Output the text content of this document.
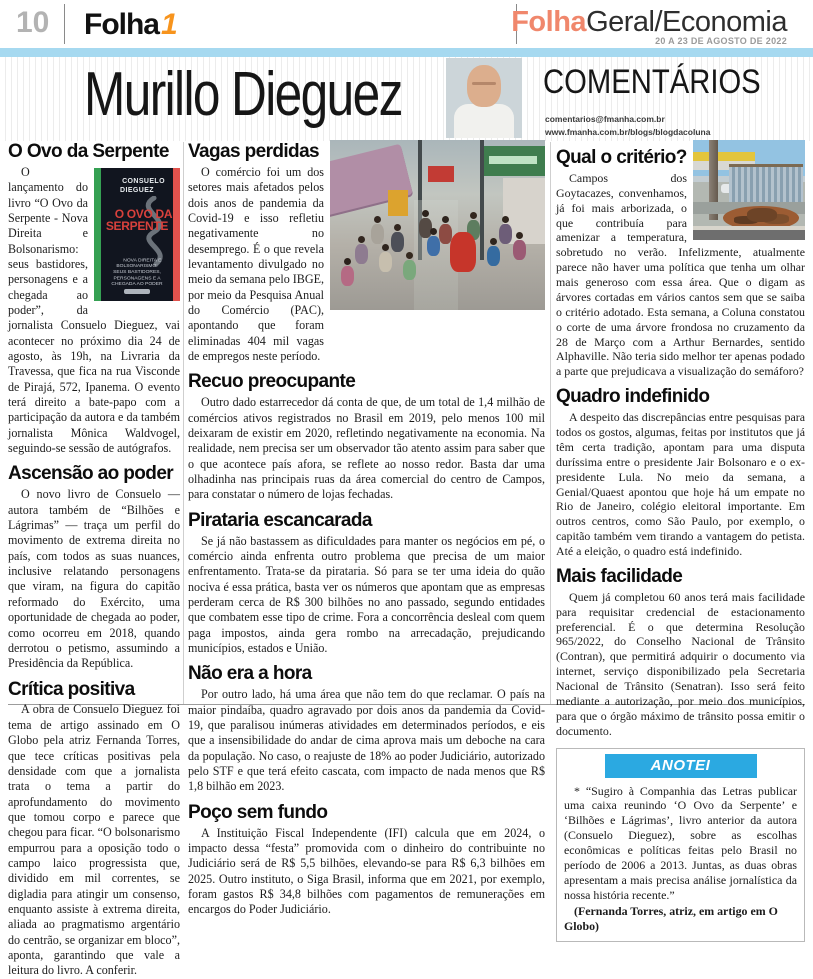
10 Folha1	FolhaGeral/Economia
20 A 23 DE AGOSTO DE 2022
Murillo Dieguez	COMENTÁRIOS
comentarios@fmanha.com.br
www.fmanha.com.br/blogs/blogdacoluna
O Ovo da Serpente

CONSUELO DIEGUEZ
O OVO DA SERPENTE
NOVA DIREITA E BOLSONARISMO: SEUS BASTIDORES, PERSONAGENS E A CHEGADA AO PODER
O lançamento do livro “O Ovo da Serpente - Nova Direita e Bolsonarismo: seus bastidores, personagens e a chegada ao poder”, da jornalista Consuelo Dieguez, vai acontecer no próximo dia 24 de agosto, às 19h, na Livraria da Travessa, que fica na rua Visconde de Pirajá, 572, Ipanema. O evento terá direito a bate-papo com a participação da autora e da também jornalista Mônica Waldvogel, seguindo-se sessão de autógrafos.

Ascensão ao poder

O novo livro de Consuelo — autora também de “Bilhões e Lágrimas” — traça um perfil do movimento de extrema direita no país, com todos as suas nuances, inclusive relatando personagens que viram, na figura do capitão reformado do Exército, uma oportunidade de chegada ao poder, como ocorreu em 2018, quando derrotou o petismo, assumindo a Presidência da República.

Crítica positiva

A obra de Consuelo Dieguez foi tema de artigo assinado em O Globo pela atriz Fernanda Torres, que tece críticas positivas pela densidade com que a jornalista trata o tema a partir do aprofundamento do movimento que tomou corpo e parece que chegou para ficar. “O bolsonarismo empurrou para a oposição todo o campo laico progressista que, dividido em mil correntes, se digladia para atingir um consenso, enquanto assiste à extrema direita, aliada ao pragmatismo argentário do centrão, se organizar em bloco”, aponta, garantindo que vale a leitura do livro. A conferir.

Vagas perdidas

O comércio foi um dos setores mais afetados pelos dois anos de pandemia da Covid-19 e isso refletiu negativamente no desemprego. É o que revela levantamento divulgado no meio da semana pelo IBGE, por meio da Pesquisa Anual do Comércio (PAC), apontando que foram eliminadas 404 mil vagas de empregos neste período.

Recuo preocupante

Outro dado estarrecedor dá conta de que, de um total de 1,4 milhão de comércios ativos registrados no Brasil em 2019, pelo menos 100 mil deixaram de existir em 2020, refletindo negativamente na economia. Na realidade, nem precisa ser um observador tão atento assim para saber que o que acontece país afora, se reflete ao nosso redor. Basta dar uma olhadinha nas principais ruas da área comercial do centro de Campos, para constatar o número de lojas fechadas.

Pirataria escancarada

Se já não bastassem as dificuldades para manter os negócios em pé, o comércio ainda enfrenta outro problema que precisa de um maior enfrentamento. Trata-se da pirataria. Só para se ter uma ideia do quão nociva é essa prática, basta ver os números que apontam que as empresas perderam cerca de R$ 300 bilhões no ano passado, segundo entidades que combatem esse tipo de crime. Fora a concorrência desleal com quem paga impostos, ainda gera rombo na arrecadação, prejudicando municípios, estados e União.

Não era a hora

Por outro lado, há uma área que não tem do que reclamar. O país na maior pindaíba, quadro agravado por dois anos da pandemia da Covid-19, que paralisou inúmeras atividades em determinados períodos, e eis que a insensibilidade do andar de cima aprova mais um deboche na cara da população. No caso, o reajuste de 18% ao poder Judiciário, autorizado pelo STF e que terá efeito cascata, com impacto de nada menos que R$ 1,8 bilhão em 2023.

Poço sem fundo

A Instituição Fiscal Independente (IFI) calcula que em 2024, o impacto dessa “festa” promovida com o dinheiro do contribuinte no Judiciário será de R$ 5,5 bilhões, elevando-se para R$ 6,3 bilhões em 2025. Outro instituto, o Siga Brasil, informa que em 2021, por exemplo, foram gastos R$ 34,8 bilhões com pagamentos de remunerações em encargos do Poder Judiciário.

Qual o critério?

Campos dos Goytacazes, convenhamos, já foi mais arborizada, o que contribuía para amenizar a temperatura, sobretudo no verão. Infelizmente, atualmente parece não haver uma política que tenha um olhar mais generoso com essa área. Que o digam as árvores cortadas em vários cantos sem que se saiba o critério adotado. Esta semana, a Coluna constatou o corte de uma árvore frondosa no cruzamento da 28 de Março com a Arthur Bernardes, sentido Alphaville. Não teria sido melhor ter apenas podado a parte que prejudicava a visualização do semáforo?

Quadro indefinido

A despeito das discrepâncias entre pesquisas para todos os gostos, algumas, feitas por institutos que já têm certa tradição, apontam para uma disputa duríssima entre o presidente Jair Bolsonaro e o ex-presidente Lula. No meio da semana, a Genial/Quaest apontou que hoje há um empate no Rio de Janeiro, colégio eleitoral importante. Em outros centros, como São Paulo, por exemplo, o capitão também vem tirando a vantagem do petista. Até a eleição, o quadro está indefinido.

Mais facilidade

Quem já completou 60 anos terá mais facilidade para requisitar credencial de estacionamento preferencial. É o que determina Resolução 965/2022, do Conselho Nacional de Trânsito (Contran), que permitirá adquirir o documento via internet, serviço disponibilizado pela Secretaria Nacional de Trânsito (Senatran). Isso será feito mediante a autorização, por meio dos municípios, para que o órgão máximo de trânsito possa emitir o documento.

ANOTEI

* “Sugiro à Companhia das Letras publicar uma caixa reunindo ‘O Ovo da Serpente’ e ‘Bilhões e Lágrimas’, livro anterior da autora (Consuelo Dieguez), sobre as escolhas econômicas e políticas feitas pelo Brasil no período de 2006 a 2013. Juntas, as duas obras apresentam a mais precisa análise jornalística da nossa história recente.”

(Fernanda Torres, atriz, em artigo em O Globo)
